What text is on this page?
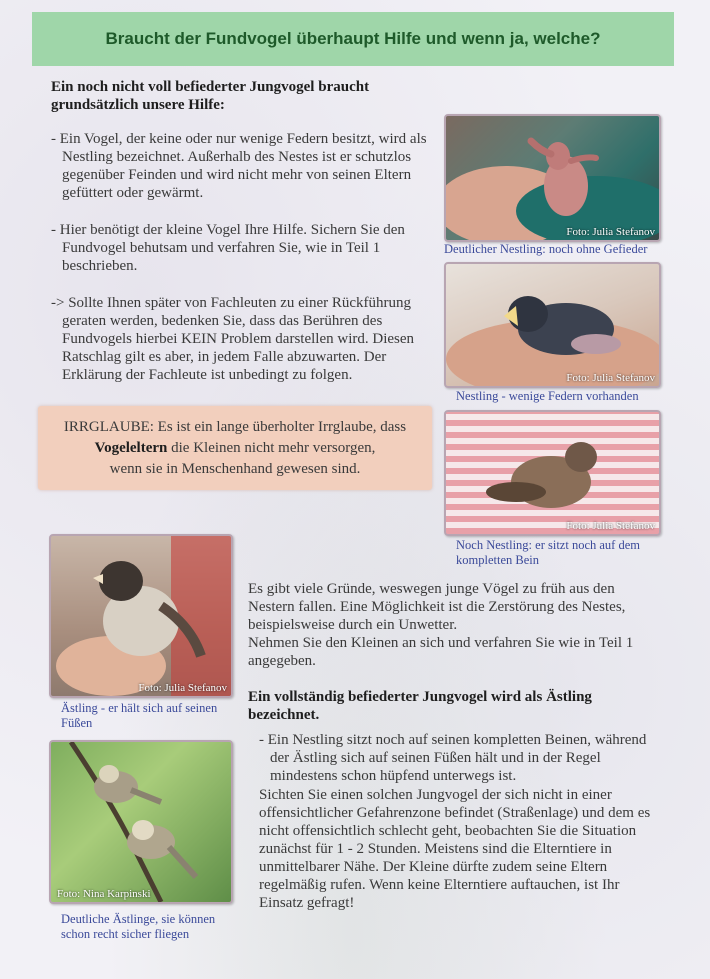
Braucht der Fundvogel überhaupt Hilfe und wenn ja, welche?
Ein noch nicht voll befiederter Jungvogel braucht grundsätzlich unsere Hilfe:
- Ein Vogel, der keine oder nur wenige Federn besitzt, wird als Nestling bezeichnet. Außerhalb des Nestes ist er schutzlos gegenüber Feinden und wird nicht mehr von seinen Eltern gefüttert oder gewärmt.
- Hier benötigt der kleine Vogel Ihre Hilfe. Sichern Sie den Fundvogel behutsam und verfahren Sie, wie in Teil 1 beschrieben.
-> Sollte Ihnen später von Fachleuten zu einer Rückführung geraten werden, bedenken Sie, dass das Berühren des Fundvogels hierbei KEIN Problem darstellen wird. Diesen Ratschlag gilt es aber, in jedem Falle abzuwarten. Der Erklärung der Fachleute ist unbedingt zu folgen.
IRRGLAUBE: Es ist ein lange überholter Irrglaube, dass
Vogeleltern die Kleinen nicht mehr versorgen,
wenn sie in Menschenhand gewesen sind.
Foto: Julia Stefanov
Deutlicher Nestling: noch ohne Gefieder
Foto: Julia Stefanov
Nestling - wenige Federn vorhanden
Foto: Julia Stefanov
Noch Nestling: er sitzt noch auf dem kompletten Bein
Foto: Julia Stefanov
Ästling - er hält sich auf seinen Füßen
Foto: Nina Karpinski
Deutliche Ästlinge, sie können schon recht sicher fliegen
Es gibt viele Gründe, weswegen junge Vögel zu früh aus den Nestern fallen. Eine Möglichkeit ist die Zerstörung des Nestes, beispielsweise durch ein Unwetter.
Nehmen Sie den Kleinen an sich und verfahren Sie wie in Teil 1 angegeben.
Ein vollständig befiederter Jungvogel wird als Ästling bezeichnet.
- Ein Nestling sitzt noch auf seinen kompletten Beinen, während der Ästling sich auf seinen Füßen hält und in der Regel mindestens schon hüpfend unterwegs ist.
Sichten Sie einen solchen Jungvogel der sich nicht in einer offensichtlicher Gefahrenzone befindet (Straßenlage) und dem es nicht offensichtlich schlecht geht, beobachten Sie die Situation zunächst für 1 - 2 Stunden. Meistens sind die Elterntiere in unmittelbarer Nähe. Der Kleine dürfte zudem seine Eltern regelmäßig rufen. Wenn keine Elterntiere auftauchen, ist Ihr Einsatz gefragt!
